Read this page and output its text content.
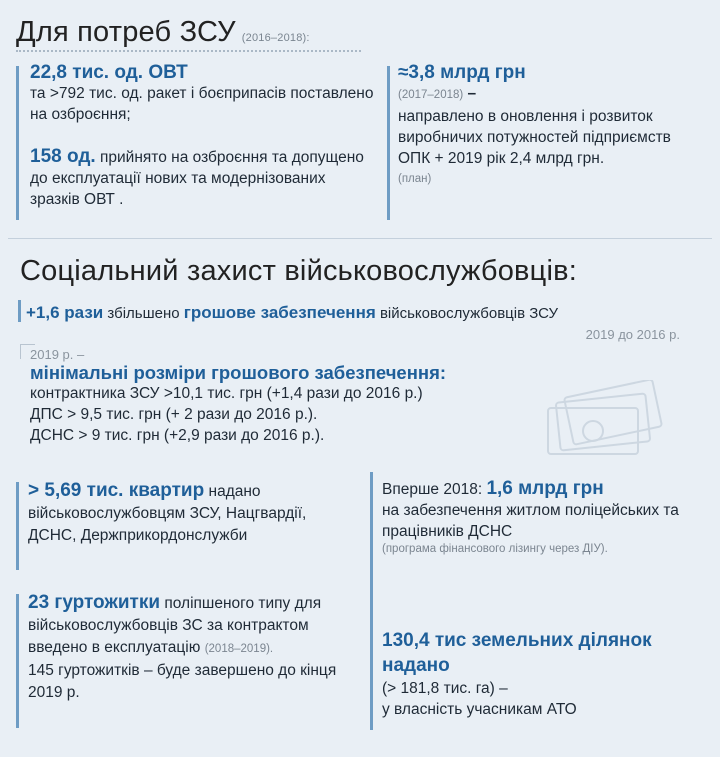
Для потреб ЗСУ (2016–2018):
22,8 тис. од. ОВТ
та >792 тис. од. ракет і боєприпасів поставлено на озброєння;
158 од. прийнято на озброєння та допущено до експлуатації нових та модернізованих зразків ОВТ .
≈3,8 млрд грн
(2017–2018) –
направлено в оновлення і розвиток виробничих потужностей підприємств ОПК + 2019 рік 2,4 млрд грн.
(план)
Соціальний захист військовослужбовців:
+1,6 рази збільшено грошове забезпечення військовослужбовців ЗСУ
2019 до 2016 р.
2019 р. –
мінімальні розміри грошового забезпечення:
контрактника ЗСУ >10,1 тис. грн (+1,4 рази до 2016 р.)
ДПС > 9,5 тис. грн (+ 2 рази до 2016 р.).
ДСНС > 9 тис. грн (+2,9 рази до 2016 р.).
> 5,69 тис. квартир надано військовослужбовцям ЗСУ, Нацгвардії, ДСНС, Держприкордонслужби
23 гуртожитки поліпшеного типу для військовослужбовців ЗС за контрактом введено в експлуатацію (2018–2019).
145 гуртожитків – буде завершено до кінця 2019 р.
Вперше 2018: 1,6 млрд грн
на забезпечення житлом поліцейських та працівників ДСНС
(програма фінансового лізингу через ДІУ).
130,4 тис земельних ділянок надано
(> 181,8 тис. га) –
у власність учасникам АТО
